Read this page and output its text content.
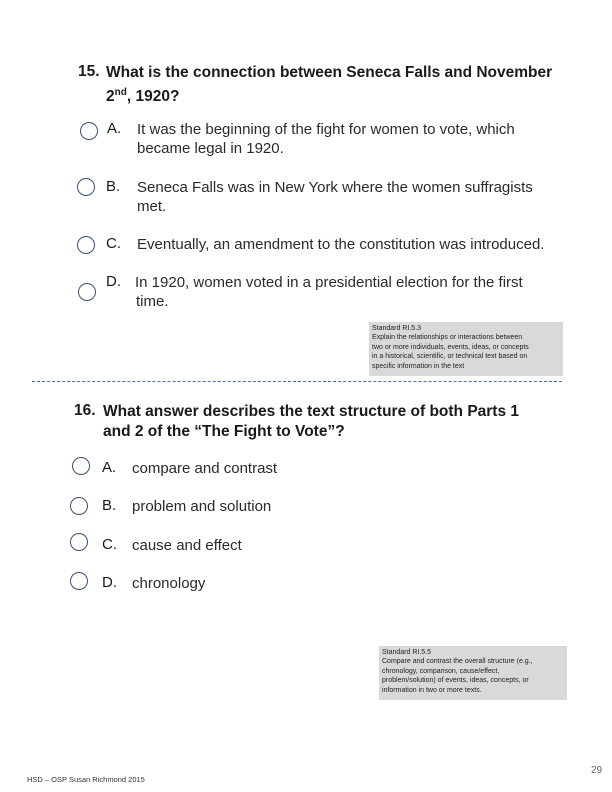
15. What is the connection between Seneca Falls and November
2nd, 1920?
A. It was the beginning of the fight for women to vote, which
became legal in 1920.
B. Seneca Falls was in New York where the women suffragists
met.
C. Eventually, an amendment to the constitution was introduced.
D. In 1920, women voted in a presidential election for the first
time.
Standard RI.5.3
Explain the relationships or interactions between
two or more individuals, events, ideas, or concepts
in a historical, scientific, or technical text based on
specific information in the text
16. What answer describes the text structure of both Parts 1
and 2 of the “The Fight to Vote”?
A. compare and contrast
B. problem and solution
C. cause and effect
D. chronology
Standard RI.5.5
Compare and contrast the overall structure (e.g.,
chronology, comparison, cause/effect,
problem/solution) of events, ideas, concepts, or
information in two or more texts.
HSD – OSP Susan Richmond 2015
29
